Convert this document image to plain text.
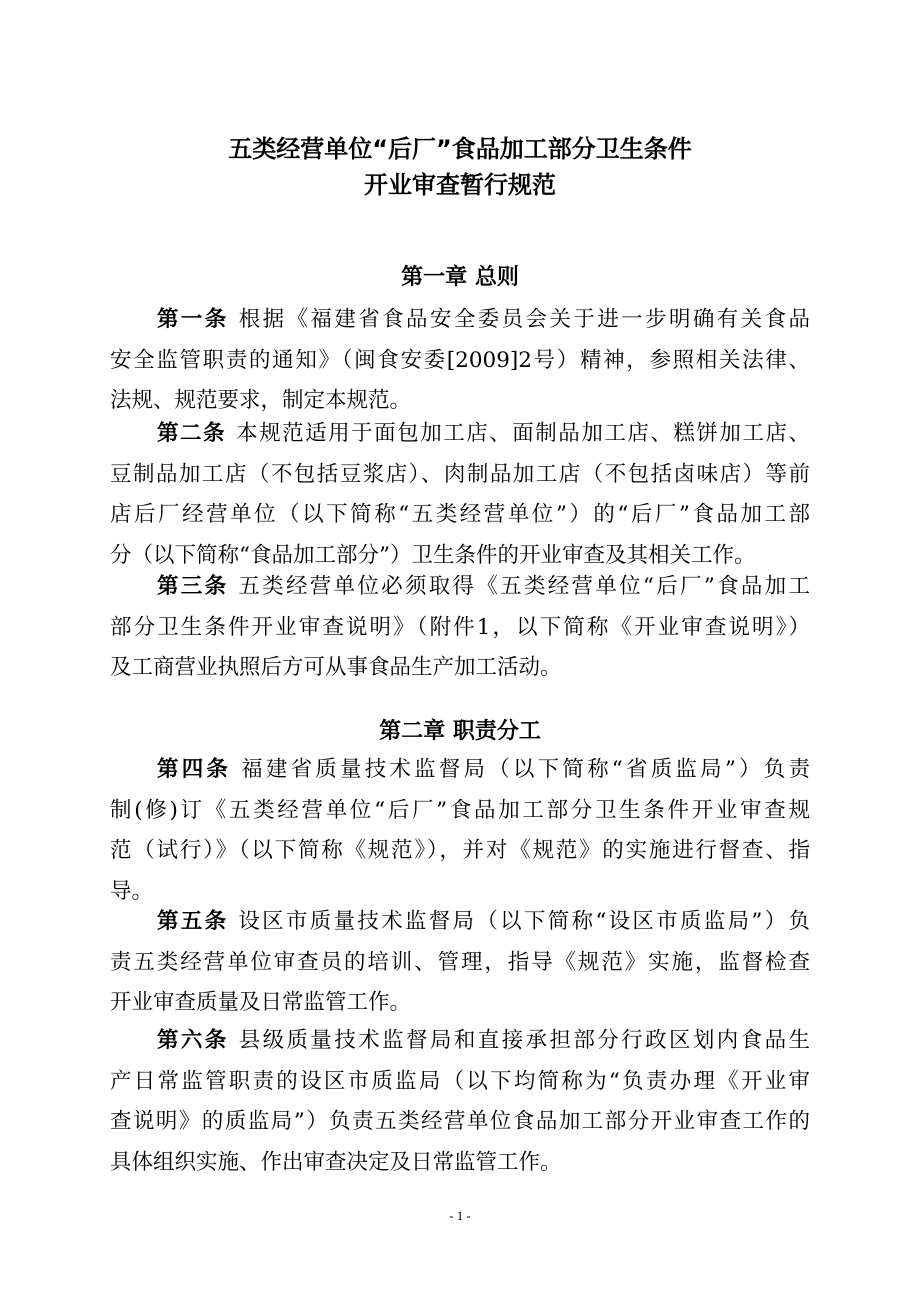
五类经营单位“后厂”食品加工部分卫生条件
开业审查暂行规范
第一章 总则
第一条 根据《福建省食品安全委员会关于进一步明确有关食品
安全监管职责的通知》（闽食安委[2009]2号）精神，参照相关法律、
法规、规范要求，制定本规范。
第二条 本规范适用于面包加工店、面制品加工店、糕饼加工店、
豆制品加工店（不包括豆浆店）、肉制品加工店（不包括卤味店）等前
店后厂经营单位（以下简称“五类经营单位”）的“后厂”食品加工部
分（以下简称“食品加工部分”）卫生条件的开业审查及其相关工作。
第三条 五类经营单位必须取得《五类经营单位“后厂”食品加工
部分卫生条件开业审查说明》（附件1，以下简称《开业审查说明》）
及工商营业执照后方可从事食品生产加工活动。
第二章 职责分工
第四条 福建省质量技术监督局（以下简称“省质监局”）负责
制(修)订《五类经营单位“后厂”食品加工部分卫生条件开业审查规
范（试行）》（以下简称《规范》），并对《规范》的实施进行督查、指
导。
第五条 设区市质量技术监督局（以下简称“设区市质监局”）负
责五类经营单位审查员的培训、管理，指导《规范》实施，监督检查
开业审查质量及日常监管工作。
第六条 县级质量技术监督局和直接承担部分行政区划内食品生
产日常监管职责的设区市质监局（以下均简称为“负责办理《开业审
查说明》的质监局”）负责五类经营单位食品加工部分开业审查工作的
具体组织实施、作出审查决定及日常监管工作。
- 1 -
